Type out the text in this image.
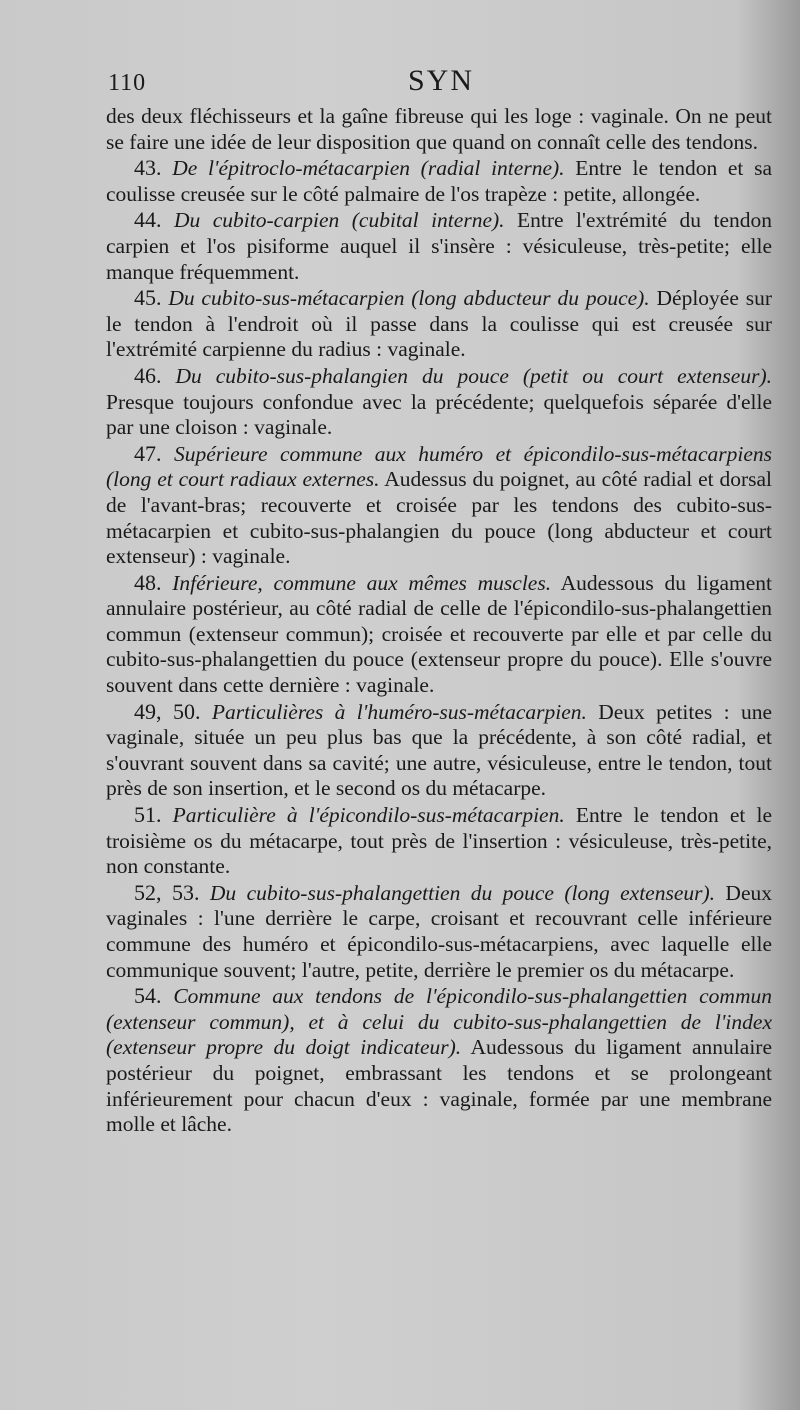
110	SYN

des deux fléchisseurs et la gaîne fibreuse qui les loge : vaginale. On ne peut se faire une idée de leur disposition que quand on connaît celle des tendons.

43. De l'épitroclo-métacarpien (radial interne). Entre le tendon et sa coulisse creusée sur le côté palmaire de l'os trapèze : petite, allongée.

44. Du cubito-carpien (cubital interne). Entre l'extrémité du tendon carpien et l'os pisiforme auquel il s'insère : vésiculeuse, très-petite; elle manque fréquemment.

45. Du cubito-sus-métacarpien (long abducteur du pouce). Déployée sur le tendon à l'endroit où il passe dans la coulisse qui est creusée sur l'extrémité carpienne du radius : vaginale.

46. Du cubito-sus-phalangien du pouce (petit ou court extenseur). Presque toujours confondue avec la précédente; quelquefois séparée d'elle par une cloison : vaginale.

47. Supérieure commune aux huméro et épicondilo-sus-métacarpiens (long et court radiaux externes. Audessus du poignet, au côté radial et dorsal de l'avant-bras; recouverte et croisée par les tendons des cubito-sus-métacarpien et cubito-sus-phalangien du pouce (long abducteur et court extenseur) : vaginale.

48. Inférieure, commune aux mêmes muscles. Audessous du ligament annulaire postérieur, au côté radial de celle de l'épicondilo-sus-phalangettien commun (extenseur commun); croisée et recouverte par elle et par celle du cubito-sus-phalangettien du pouce (extenseur propre du pouce). Elle s'ouvre souvent dans cette dernière : vaginale.

49, 50. Particulières à l'huméro-sus-métacarpien. Deux petites : une vaginale, située un peu plus bas que la précédente, à son côté radial, et s'ouvrant souvent dans sa cavité; une autre, vésiculeuse, entre le tendon, tout près de son insertion, et le second os du métacarpe.

51. Particulière à l'épicondilo-sus-métacarpien. Entre le tendon et le troisième os du métacarpe, tout près de l'insertion : vésiculeuse, très-petite, non constante.

52, 53. Du cubito-sus-phalangettien du pouce (long extenseur). Deux vaginales : l'une derrière le carpe, croisant et recouvrant celle inférieure commune des huméro et épicondilo-sus-métacarpiens, avec laquelle elle communique souvent; l'autre, petite, derrière le premier os du métacarpe.

54. Commune aux tendons de l'épicondilo-sus-phalangettien commun (extenseur commun), et à celui du cubito-sus-phalangettien de l'index (extenseur propre du doigt indicateur). Audessous du ligament annulaire postérieur du poignet, embrassant les tendons et se prolongeant inférieurement pour chacun d'eux : vaginale, formée par une membrane molle et lâche.
